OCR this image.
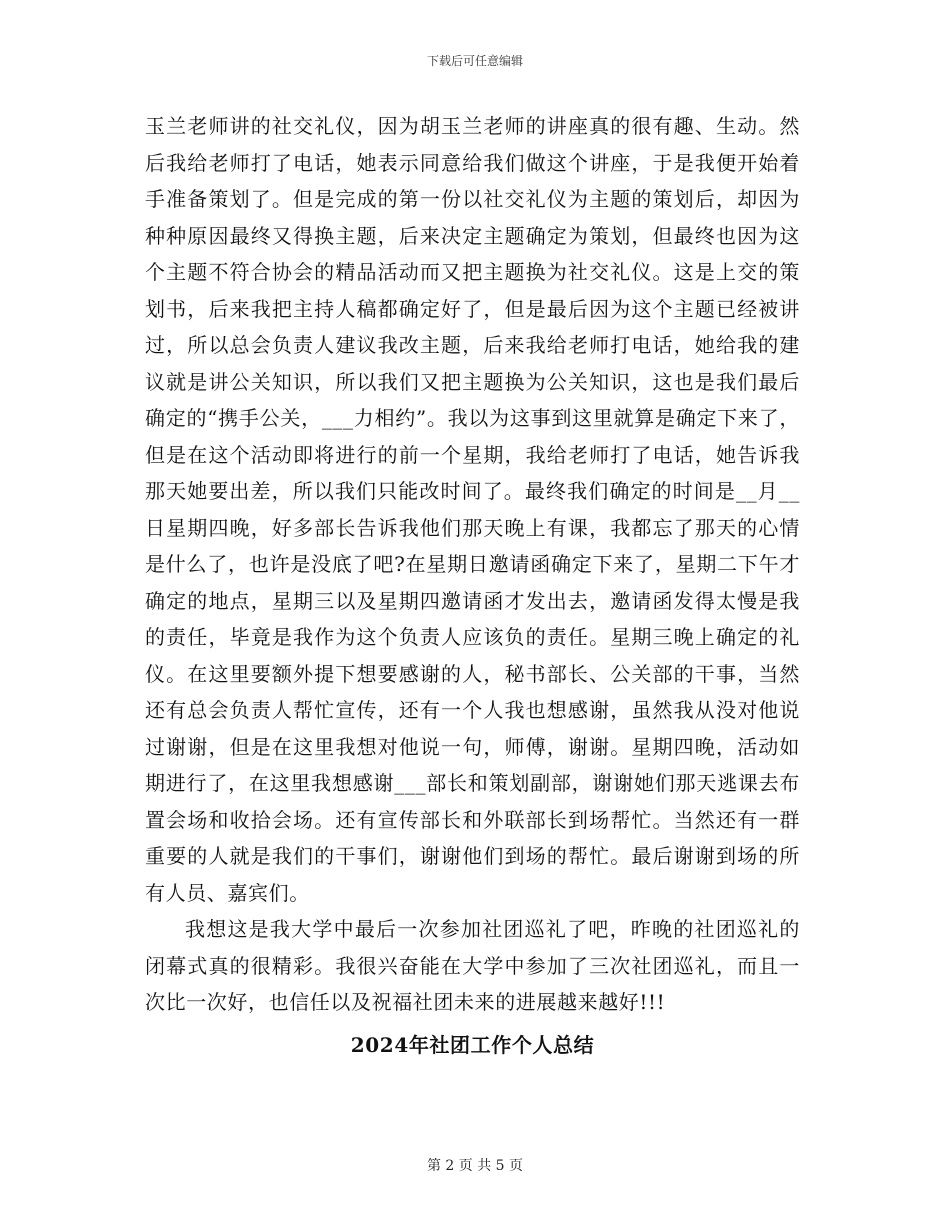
下载后可任意编辑

玉兰老师讲的社交礼仪，因为胡玉兰老师的讲座真的很有趣、生动。然后我给老师打了电话，她表示同意给我们做这个讲座，于是我便开始着手准备策划了。但是完成的第一份以社交礼仪为主题的策划后，却因为种种原因最终又得换主题，后来决定主题确定为策划，但最终也因为这个主题不符合协会的精品活动而又把主题换为社交礼仪。这是上交的策划书，后来我把主持人稿都确定好了，但是最后因为这个主题已经被讲过，所以总会负责人建议我改主题，后来我给老师打电话，她给我的建议就是讲公关知识，所以我们又把主题换为公关知识，这也是我们最后确定的“携手公关，___力相约”。我以为这事到这里就算是确定下来了，但是在这个活动即将进行的前一个星期，我给老师打了电话，她告诉我那天她要出差，所以我们只能改时间了。最终我们确定的时间是__月__日星期四晚，好多部长告诉我他们那天晚上有课，我都忘了那天的心情是什么了，也许是没底了吧?在星期日邀请函确定下来了，星期二下午才确定的地点，星期三以及星期四邀请函才发出去，邀请函发得太慢是我的责任，毕竟是我作为这个负责人应该负的责任。星期三晚上确定的礼仪。在这里要额外提下想要感谢的人，秘书部长、公关部的干事，当然还有总会负责人帮忙宣传，还有一个人我也想感谢，虽然我从没对他说过谢谢，但是在这里我想对他说一句，师傅，谢谢。星期四晚，活动如期进行了，在这里我想感谢___部长和策划副部，谢谢她们那天逃课去布置会场和收拾会场。还有宣传部长和外联部长到场帮忙。当然还有一群重要的人就是我们的干事们，谢谢他们到场的帮忙。最后谢谢到场的所有人员、嘉宾们。

我想这是我大学中最后一次参加社团巡礼了吧，昨晚的社团巡礼的闭幕式真的很精彩。我很兴奋能在大学中参加了三次社团巡礼，而且一次比一次好，也信任以及祝福社团未来的进展越来越好!!!

2024年社团工作个人总结
第 2 页 共 5 页
